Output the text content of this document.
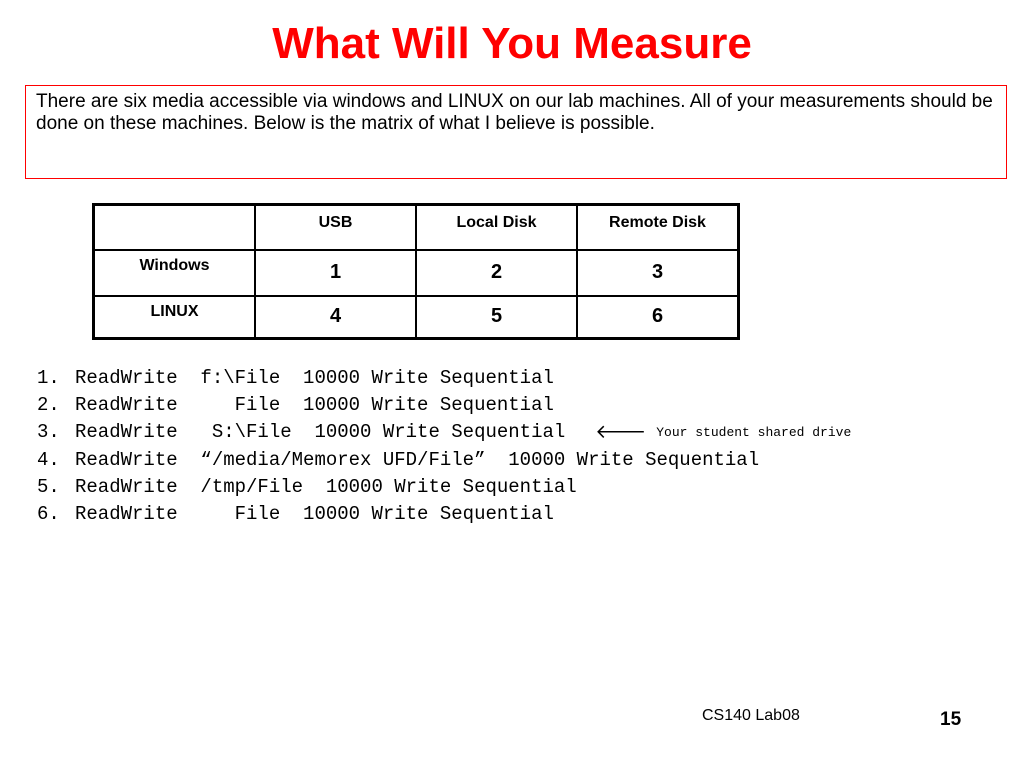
What Will You Measure
There are six media accessible via windows and LINUX on our lab machines. All of your measurements should be done on these machines. Below is the matrix of what I believe is possible.
	USB	Local Disk	Remote Disk
Windows	1	2	3
LINUX	4	5	6
1. ReadWrite  f:\File  10000 Write Sequential
2. ReadWrite     File  10000 Write Sequential
3. ReadWrite   S:\File  10000 Write Sequential 🡐 Your student shared drive
4. ReadWrite  “/media/Memorex UFD/File”  10000 Write Sequential
5. ReadWrite  /tmp/File  10000 Write Sequential
6. ReadWrite     File  10000 Write Sequential
CS140 Lab08	15
